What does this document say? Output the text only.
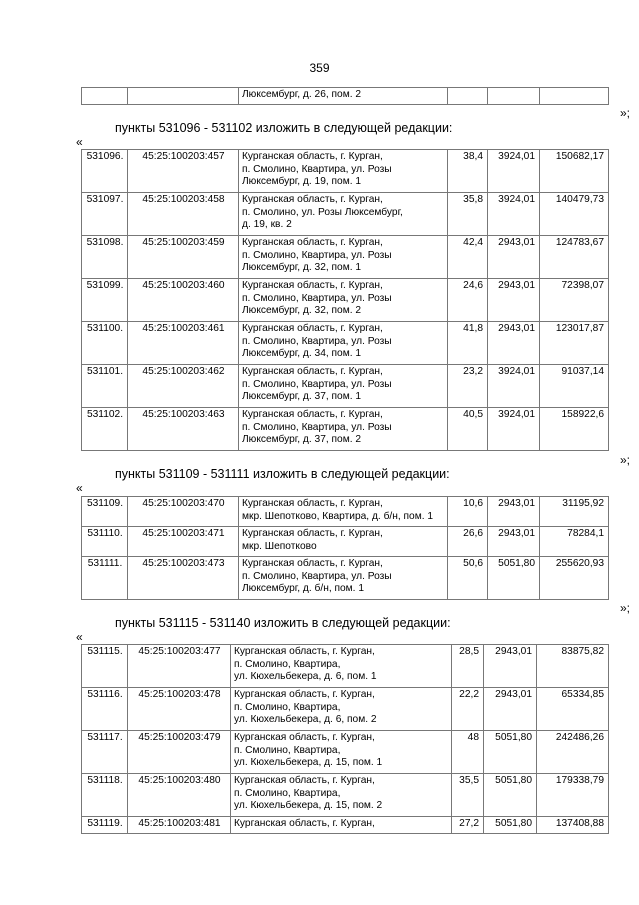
359
		Люксембург, д. 26, пом. 2			
»;
пункты 531096 - 531102 изложить в следующей редакции:
«
531096.	45:25:100203:457	Курганская область, г. Курган,
п. Смолино, Квартира, ул. Розы
Люксембург, д. 19, пом. 1	38,4	3924,01	150682,17
531097.	45:25:100203:458	Курганская область, г. Курган,
п. Смолино, ул. Розы Люксембург,
д. 19, кв. 2	35,8	3924,01	140479,73
531098.	45:25:100203:459	Курганская область, г. Курган,
п. Смолино, Квартира, ул. Розы
Люксембург, д. 32, пом. 1	42,4	2943,01	124783,67
531099.	45:25:100203:460	Курганская область, г. Курган,
п. Смолино, Квартира, ул. Розы
Люксембург, д. 32, пом. 2	24,6	2943,01	72398,07
531100.	45:25:100203:461	Курганская область, г. Курган,
п. Смолино, Квартира, ул. Розы
Люксембург, д. 34, пом. 1	41,8	2943,01	123017,87
531101.	45:25:100203:462	Курганская область, г. Курган,
п. Смолино, Квартира, ул. Розы
Люксембург, д. 37, пом. 1	23,2	3924,01	91037,14
531102.	45:25:100203:463	Курганская область, г. Курган,
п. Смолино, Квартира, ул. Розы
Люксембург, д. 37, пом. 2	40,5	3924,01	158922,6
»;
пункты 531109 - 531111 изложить в следующей редакции:
«
531109.	45:25:100203:470	Курганская область, г. Курган,
мкр. Шепотково, Квартира, д. б/н, пом. 1	10,6	2943,01	31195,92
531110.	45:25:100203:471	Курганская область, г. Курган,
мкр. Шепотково	26,6	2943,01	78284,1
531111.	45:25:100203:473	Курганская область, г. Курган,
п. Смолино, Квартира, ул. Розы
Люксембург, д. б/н, пом. 1	50,6	5051,80	255620,93
»;
пункты 531115 - 531140 изложить в следующей редакции:
«
531115.	45:25:100203:477	Курганская область, г. Курган,
п. Смолино, Квартира,
ул. Кюхельбекера, д. 6, пом. 1	28,5	2943,01	83875,82
531116.	45:25:100203:478	Курганская область, г. Курган,
п. Смолино, Квартира,
ул. Кюхельбекера, д. 6, пом. 2	22,2	2943,01	65334,85
531117.	45:25:100203:479	Курганская область, г. Курган,
п. Смолино, Квартира,
ул. Кюхельбекера, д. 15, пом. 1	48	5051,80	242486,26
531118.	45:25:100203:480	Курганская область, г. Курган,
п. Смолино, Квартира,
ул. Кюхельбекера, д. 15, пом. 2	35,5	5051,80	179338,79
531119.	45:25:100203:481	Курганская область, г. Курган,	27,2	5051,80	137408,88
